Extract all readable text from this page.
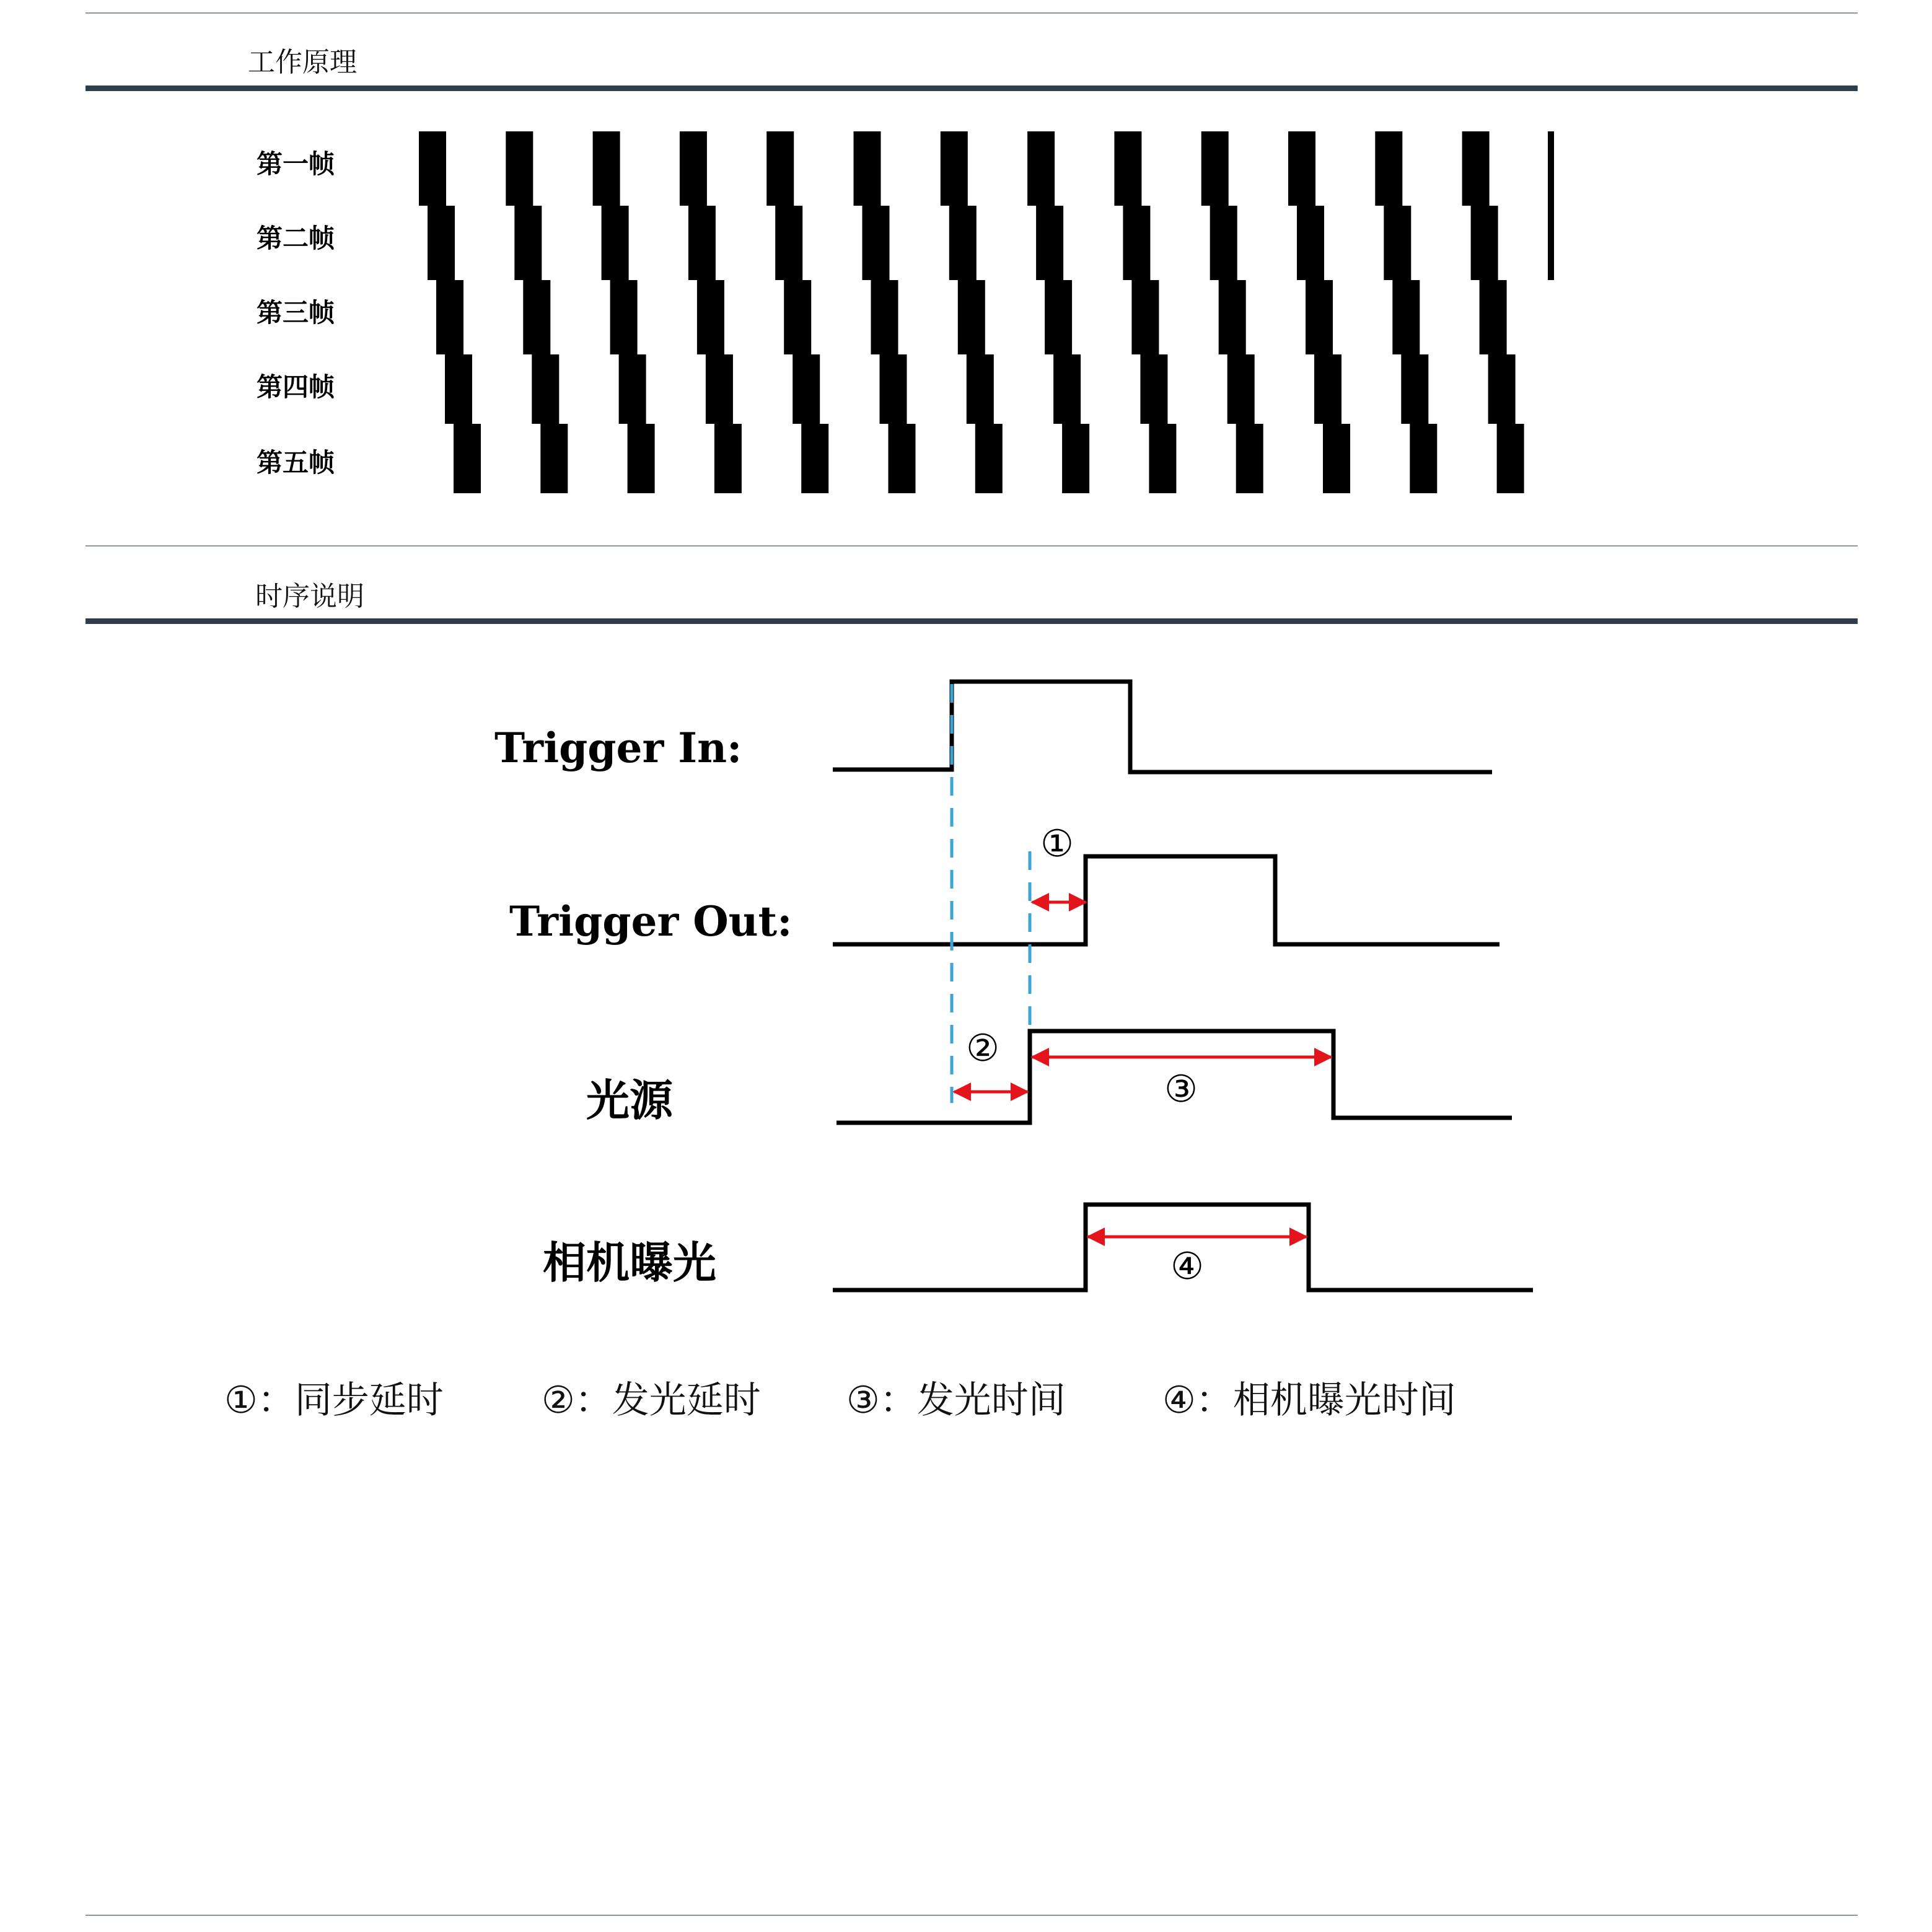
工作原理
第一帧
第二帧
第三帧
第四帧
第五帧
时序说明
Trigger In:
Trigger Out:
光源
相机曝光
①
②
③
④
①：同步延时	②：发光延时 ③：发光时间	④：相机曝光时间
